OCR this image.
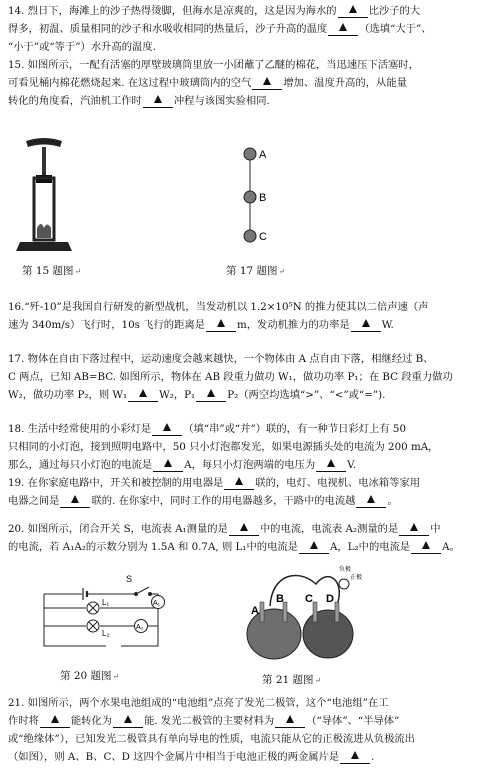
14. 烈日下，海滩上的沙子热得烫脚，但海水是凉爽的，这是因为海水的	比沙子的大

得多，初温、质量相同的沙子和水吸收相同的热量后，沙子升高的温度	（选填“大于”、

“小于”或“等于”）水升高的温度.

15. 如图所示，一配有活塞的厚壁玻璃筒里放一小团蘸了乙醚的棉花，当迅速压下活塞时，

可看见桶内棉花燃烧起来. 在这过程中玻璃筒内的空气	增加、温度升高的，从能量

转化的角度看，汽油机工作时	冲程与该图实验相同.

第 15 题图↵
A
B
C
第 17 题图↵

16.“歼-10”是我国自行研发的新型战机，当发动机以 1.2×10⁵N 的推力使其以二倍声速（声

速为 340m/s）飞行时，10s 飞行的距离是	m，发动机推力的功率是	W.

17. 物体在自由下落过程中，运动速度会越来越快，一个物体由 A 点自由下落，相继经过 B、

C 两点，已知 AB=BC. 如图所示，物体在 AB 段重力做功 W₁，做功功率 P₁；在 BC 段重力做功

W₂，做功功率 P₂，则 W₁	W₂，P₁	P₂（两空均选填“>”、“<”或“=”).

18. 生活中经常使用的小彩灯是	（填“串”或“并”）联的，有一种节日彩灯上有 50

只相同的小灯泡，接到照明电路中，50 只小灯泡都发光，如果电源插头处的电流为 200 mA，

那么，通过每只小灯泡的电流是	A，每只小灯泡两端的电压为	V.

19. 在你家庭电路中，开关和被控制的用电器是	联的，电灯、电视机、电冰箱等家用

电器之间是	联的. 在你家中，同时工作的用电器越多，干路中的电流越	。

20. 如图所示，闭合开关 S，电流表 A₁测量的是	中的电流，电流表 A₂测量的是	中

的电流，若 A₁A₂的示数分别为 1.5A 和 0.7A, 则 L₁中的电流是	A，L₂中的电流是	A。

S
L₁
L₂
A₁
A₂
第 20 题图↵
A
B C D
负极
正极
第 21 题图↵

21. 如图所示，两个水果电池组成的“电池组”点亮了发光二极管，这个“电池组”在工

作时将	能转化为	能. 发光二极管的主要材料为	（“导体”、“半导体”

或“绝缘体”），已知发光二极管具有单向导电的性质，电流只能从它的正极流进从负极流出

（如图），则 A、B、C、D 这四个金属片中相当于电池正极的两金属片是	.
